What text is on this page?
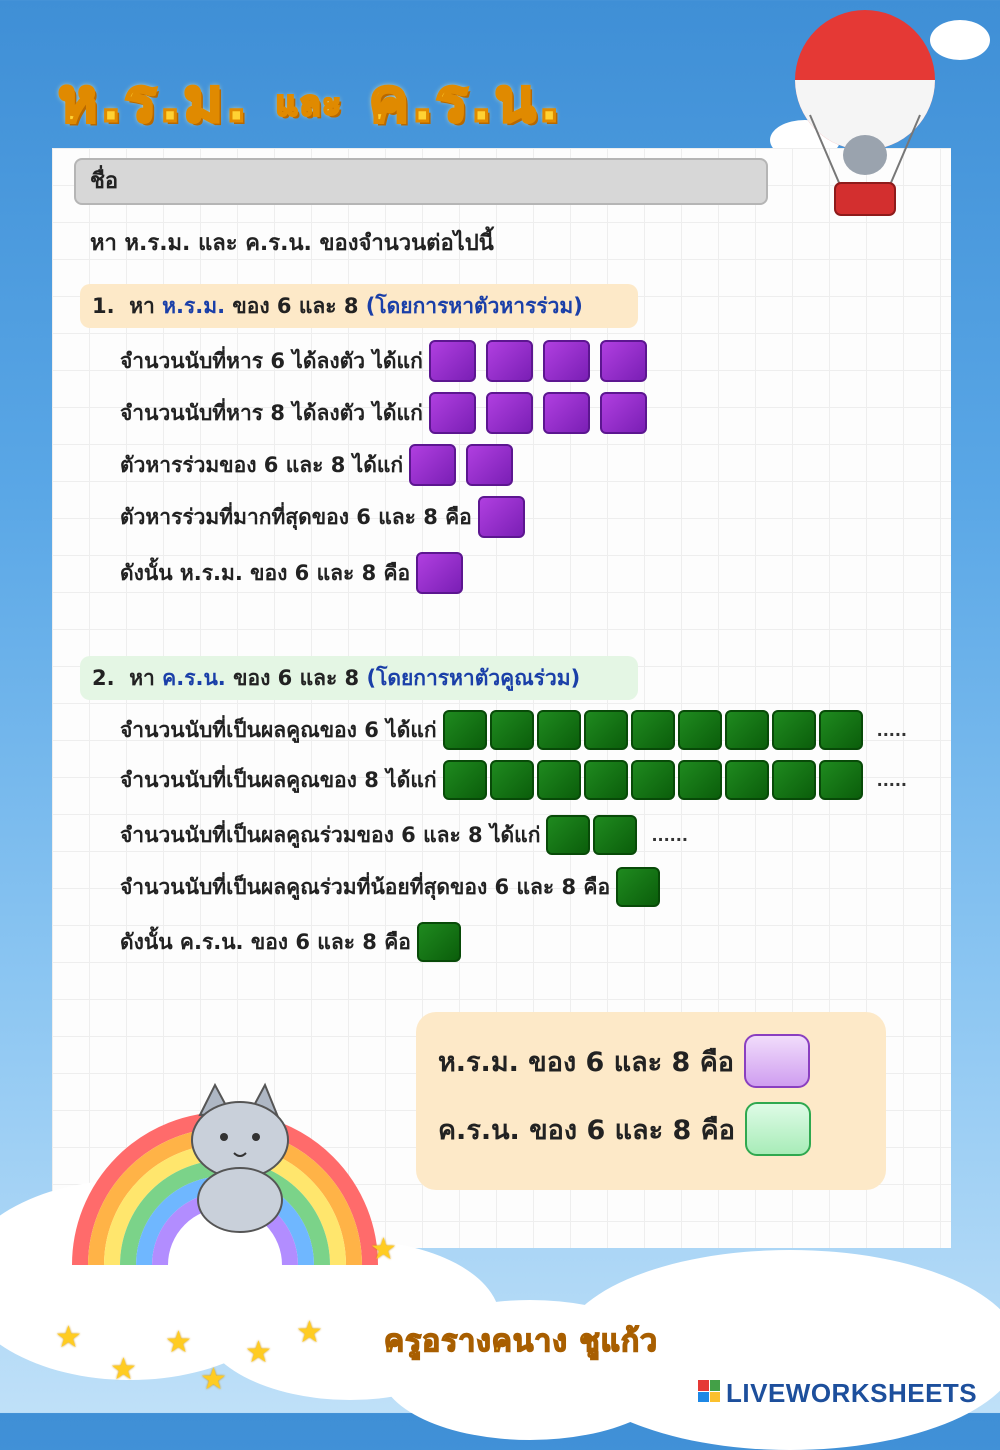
★
★
★
★
★
★
★
ห.ร.ม. และ ค.ร.น.
ชื่อ
หา ห.ร.ม. และ ค.ร.น. ของจำนวนต่อไปนี้
1. หา ห.ร.ม. ของ 6 และ 8 (โดยการหาตัวหารร่วม)
จำนวนนับที่หาร 6 ได้ลงตัว ได้แก่
จำนวนนับที่หาร 8 ได้ลงตัว ได้แก่
ตัวหารร่วมของ 6 และ 8 ได้แก่
ตัวหารร่วมที่มากที่สุดของ 6 และ 8 คือ
ดังนั้น ห.ร.ม. ของ 6 และ 8 คือ
2. หา ค.ร.น. ของ 6 และ 8 (โดยการหาตัวคูณร่วม)
จำนวนนับที่เป็นผลคูณของ 6 ได้แก่	.....
จำนวนนับที่เป็นผลคูณของ 8 ได้แก่	.....
จำนวนนับที่เป็นผลคูณร่วมของ 6 และ 8 ได้แก่	......
จำนวนนับที่เป็นผลคูณร่วมที่น้อยที่สุดของ 6 และ 8 คือ
ดังนั้น ค.ร.น. ของ 6 และ 8 คือ
ห.ร.ม. ของ 6 และ 8 คือ
ค.ร.น. ของ 6 และ 8 คือ
ครูอรางคนาง ชูแก้ว
LIVEWORKSHEETS
